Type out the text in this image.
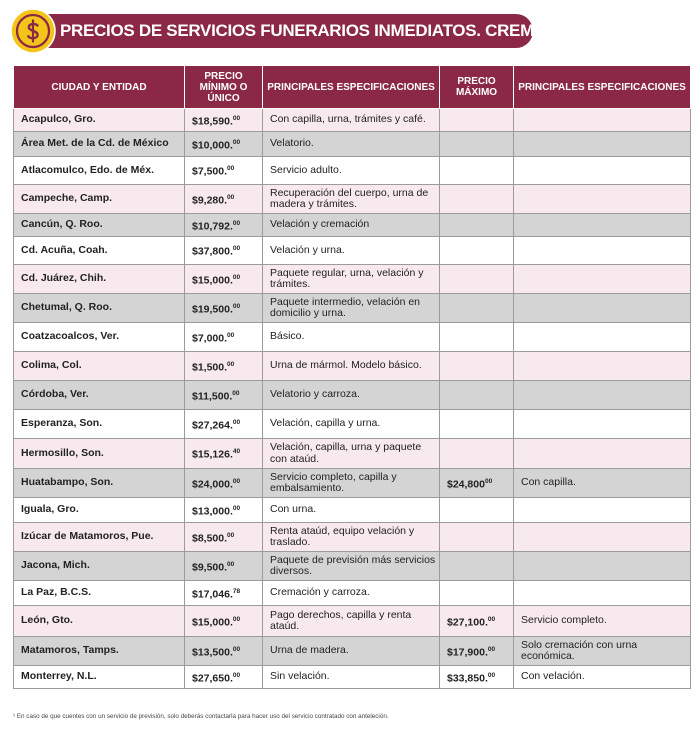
PRECIOS DE SERVICIOS FUNERARIOS INMEDIATOS. CREMACIÓN
CIUDAD Y ENTIDAD	PRECIO MÍNIMO O ÚNICO	PRINCIPALES ESPECIFICACIONES	PRECIO MÁXIMO	PRINCIPALES ESPECIFICACIONES
Acapulco, Gro.	$18,590.00	Con capilla, urna, trámites y café.		
Área Met. de la Cd. de México	$10,000.00	Velatorio.		
Atlacomulco, Edo. de Méx.	$7,500.00	Servicio adulto.		
Campeche, Camp.	$9,280.00	Recuperación del cuerpo, urna de madera y trámites.		
Cancún, Q. Roo.	$10,792.00	Velación y cremación		
Cd. Acuña, Coah.	$37,800.00	Velación y urna.		
Cd. Juárez, Chih.	$15,000.00	Paquete regular, urna, velación y trámites.		
Chetumal, Q. Roo.	$19,500.00	Paquete intermedio, velación en domicilio y urna.		
Coatzacoalcos, Ver.	$7,000.00	Básico.		
Colima, Col.	$1,500.00	Urna de mármol. Modelo básico.		
Córdoba, Ver.	$11,500.00	Velatorio y carroza.		
Esperanza, Son.	$27,264.00	Velación, capilla y urna.		
Hermosillo, Son.	$15,126.40	Velación, capilla, urna y paquete con ataúd.		
Huatabampo, Son.	$24,000.00	Servicio completo, capilla y embalsamiento.	$24,800$^{00}$	Con capilla.
Iguala, Gro.	$13,000.00	Con urna.		
Izúcar de Matamoros, Pue.	$8,500.00	Renta ataúd, equipo velación y traslado.		
Jacona, Mich.	$9,500.00	Paquete de previsión más servicios diversos.		
La Paz, B.C.S.	$17,046.78	Cremación y carroza.		
León, Gto.	$15,000.00	Pago derechos, capilla y renta ataúd.	$27,100.00	Servicio completo.
Matamoros, Tamps.	$13,500.00	Urna de madera.	$17,900.00	Solo cremación con urna económica.
Monterrey, N.L.	$27,650.00	Sin velación.	$33,850.00	Con velación.
¹ En caso de que cuentes con un servicio de previsión, solo deberás contactarla para hacer uso del servicio contratado con anteleción.
